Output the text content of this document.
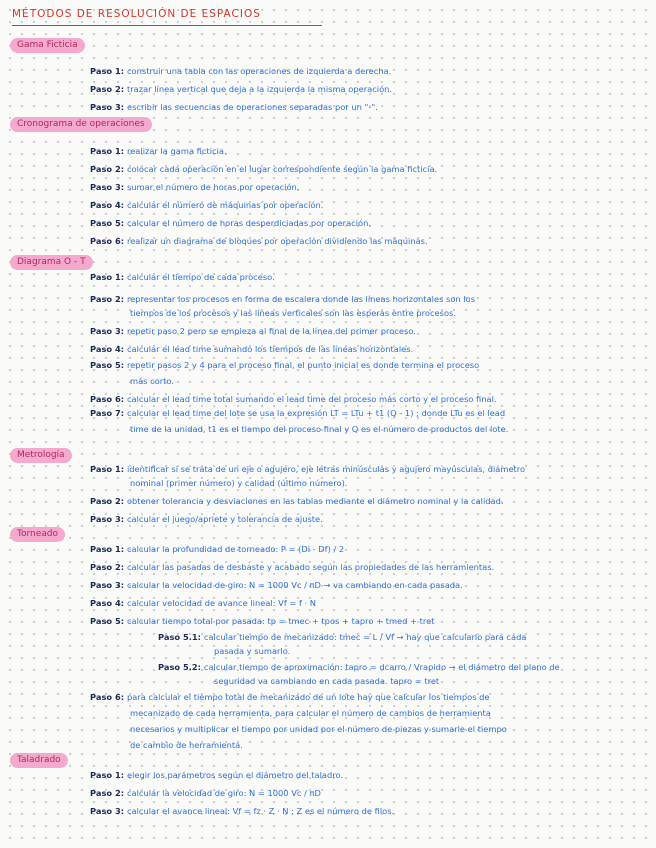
MÉTODOS DE RESOLUCIÓN DE ESPACIOS
Gama Ficticia
Paso 1: construir una tabla con las operaciones de izquierda a derecha.
Paso 2: trazar línea vertical que deja a la izquierda la misma operación.
Paso 3: escribir las secuencias de operaciones separadas por un "-".
Cronograma de operaciones
Paso 1: realizar la gama ficticia.
Paso 2: colocar cada operación en el lugar correspondiente según la gama ficticia.
Paso 3: sumar el número de horas por operación.
Paso 4: calcular el número de máquinas por operación.
Paso 5: calcular el número de horas desperdiciadas por operación.
Paso 6: realizar un diagrama de bloques por operación dividiendo las máquinas.
Diagrama O - T
Paso 1: calcular el tiempo de cada proceso.
Paso 2: representar los procesos en forma de escalera donde las líneas horizontales son los
tiempos de los procesos y las líneas verticales son las esperas entre procesos.
Paso 3: repetir paso 2 pero se empieza al final de la línea del primer proceso.
Paso 4: calcular el lead time sumando los tiempos de las líneas horizontales.
Paso 5: repetir pasos 2 y 4 para el proceso final, el punto inicial es donde termina el proceso
más corto.
Paso 6: calcular el lead time total sumando el lead time del proceso más corto y el proceso final.
Paso 7: calcular el lead time del lote se usa la expresión LT = LTu + t1 (Q - 1) ; donde LTu es el lead
time de la unidad, t1 es el tiempo del proceso final y Q es el número de productos del lote.
Metrología
Paso 1: identificar si se trata de un eje o agujero, eje letras minúsculas y agujero mayúsculas, diámetro
nominal (primer número) y calidad (último número).
Paso 2: obtener tolerancia y desviaciones en las tablas mediante el diámetro nominal y la calidad.
Paso 3: calcular el juego/apriete y tolerancia de ajuste.
Torneado
Paso 1: calcular la profundidad de torneado: P = (Di - Df) / 2
Paso 2: calcular las pasadas de desbaste y acabado según las propiedades de las herramientas.
Paso 3: calcular la velocidad de giro: N = 1000 Vc / πD → va cambiando en cada pasada.
Paso 4: calcular velocidad de avance lineal: Vf = f · N
Paso 5: calcular tiempo total por pasada: tp = tmec + tpos + tapro + tmed + tret
Paso 5.1: calcular tiempo de mecanizado: tmec = L / Vf → hay que calcularlo para cada
pasada y sumarlo.
Paso 5.2: calcular tiempo de aproximación: tapro = dcarro / Vrapido → el diámetro del plano de
seguridad va cambiando en cada pasada. tapro = tret
Paso 6: para calcular el tiempo total de mecanizado de un lote hay que calcular los tiempos de
mecanizado de cada herramienta, para calcular el número de cambios de herramienta
necesarios y multiplicar el tiempo por unidad por el número de piezas y sumarle el tiempo
de cambio de herramienta.
Taladrado
Paso 1: elegir los parámetros según el diámetro del taladro.
Paso 2: calcular la velocidad de giro: N = 1000 Vc / πD
Paso 3: calcular el avance lineal: Vf = fz · Z · N ; Z es el número de filos.
